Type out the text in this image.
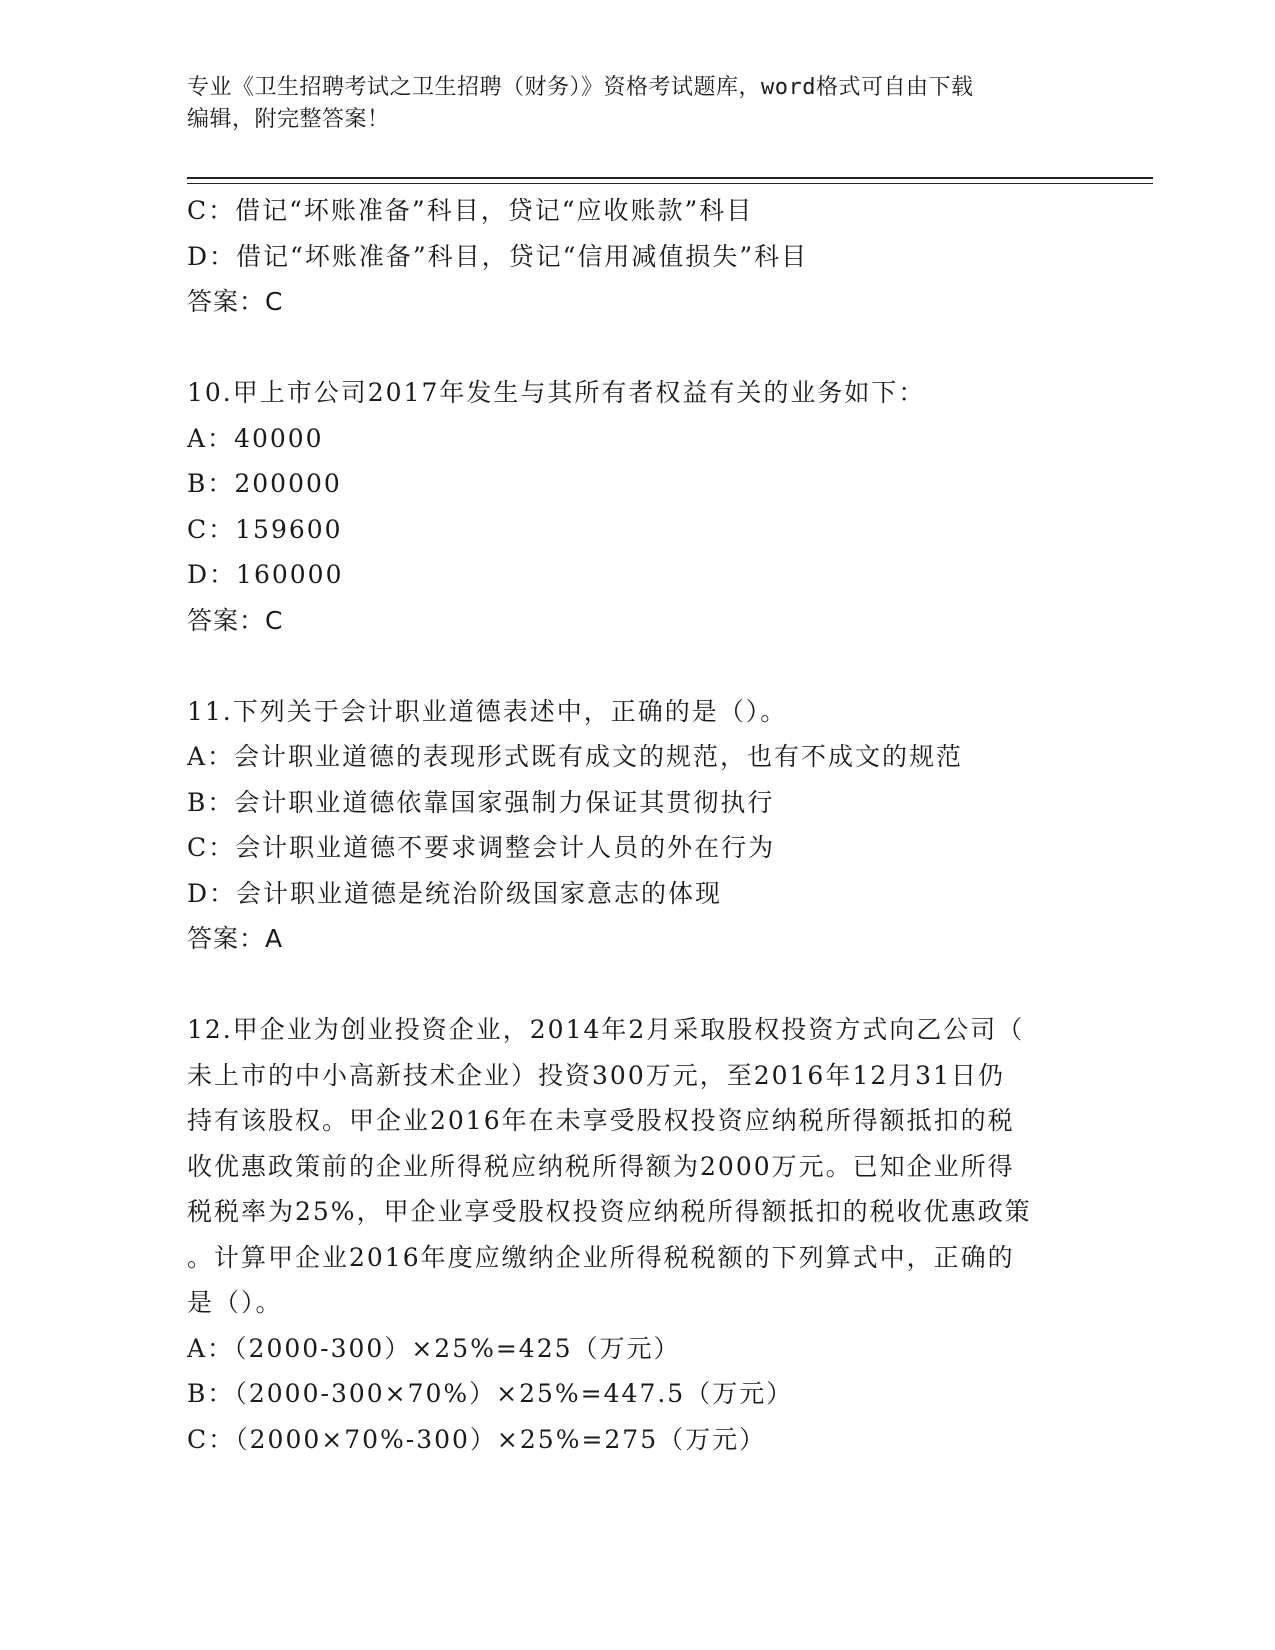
专业《卫生招聘考试之卫生招聘（财务）》资格考试题库，word格式可自由下载
编辑，附完整答案！
C：借记“坏账准备”科目，贷记“应收账款”科目
D：借记“坏账准备”科目，贷记“信用减值损失”科目
答案：C
10.甲上市公司2017年发生与其所有者权益有关的业务如下：
A：40000
B：200000
C：159600
D：160000
答案：C
11.下列关于会计职业道德表述中，正确的是（）。
A：会计职业道德的表现形式既有成文的规范，也有不成文的规范
B：会计职业道德依靠国家强制力保证其贯彻执行
C：会计职业道德不要求调整会计人员的外在行为
D：会计职业道德是统治阶级国家意志的体现
答案：A
12.甲企业为创业投资企业，2014年2月采取股权投资方式向乙公司（
未上市的中小高新技术企业）投资300万元，至2016年12月31日仍
持有该股权。甲企业2016年在未享受股权投资应纳税所得额抵扣的税
收优惠政策前的企业所得税应纳税所得额为2000万元。已知企业所得
税税率为25%，甲企业享受股权投资应纳税所得额抵扣的税收优惠政策
。计算甲企业2016年度应缴纳企业所得税税额的下列算式中，正确的
是（）。
A：（2000-300）×25%=425（万元）
B：（2000-300×70%）×25%=447.5（万元）
C：（2000×70%-300）×25%=275（万元）
